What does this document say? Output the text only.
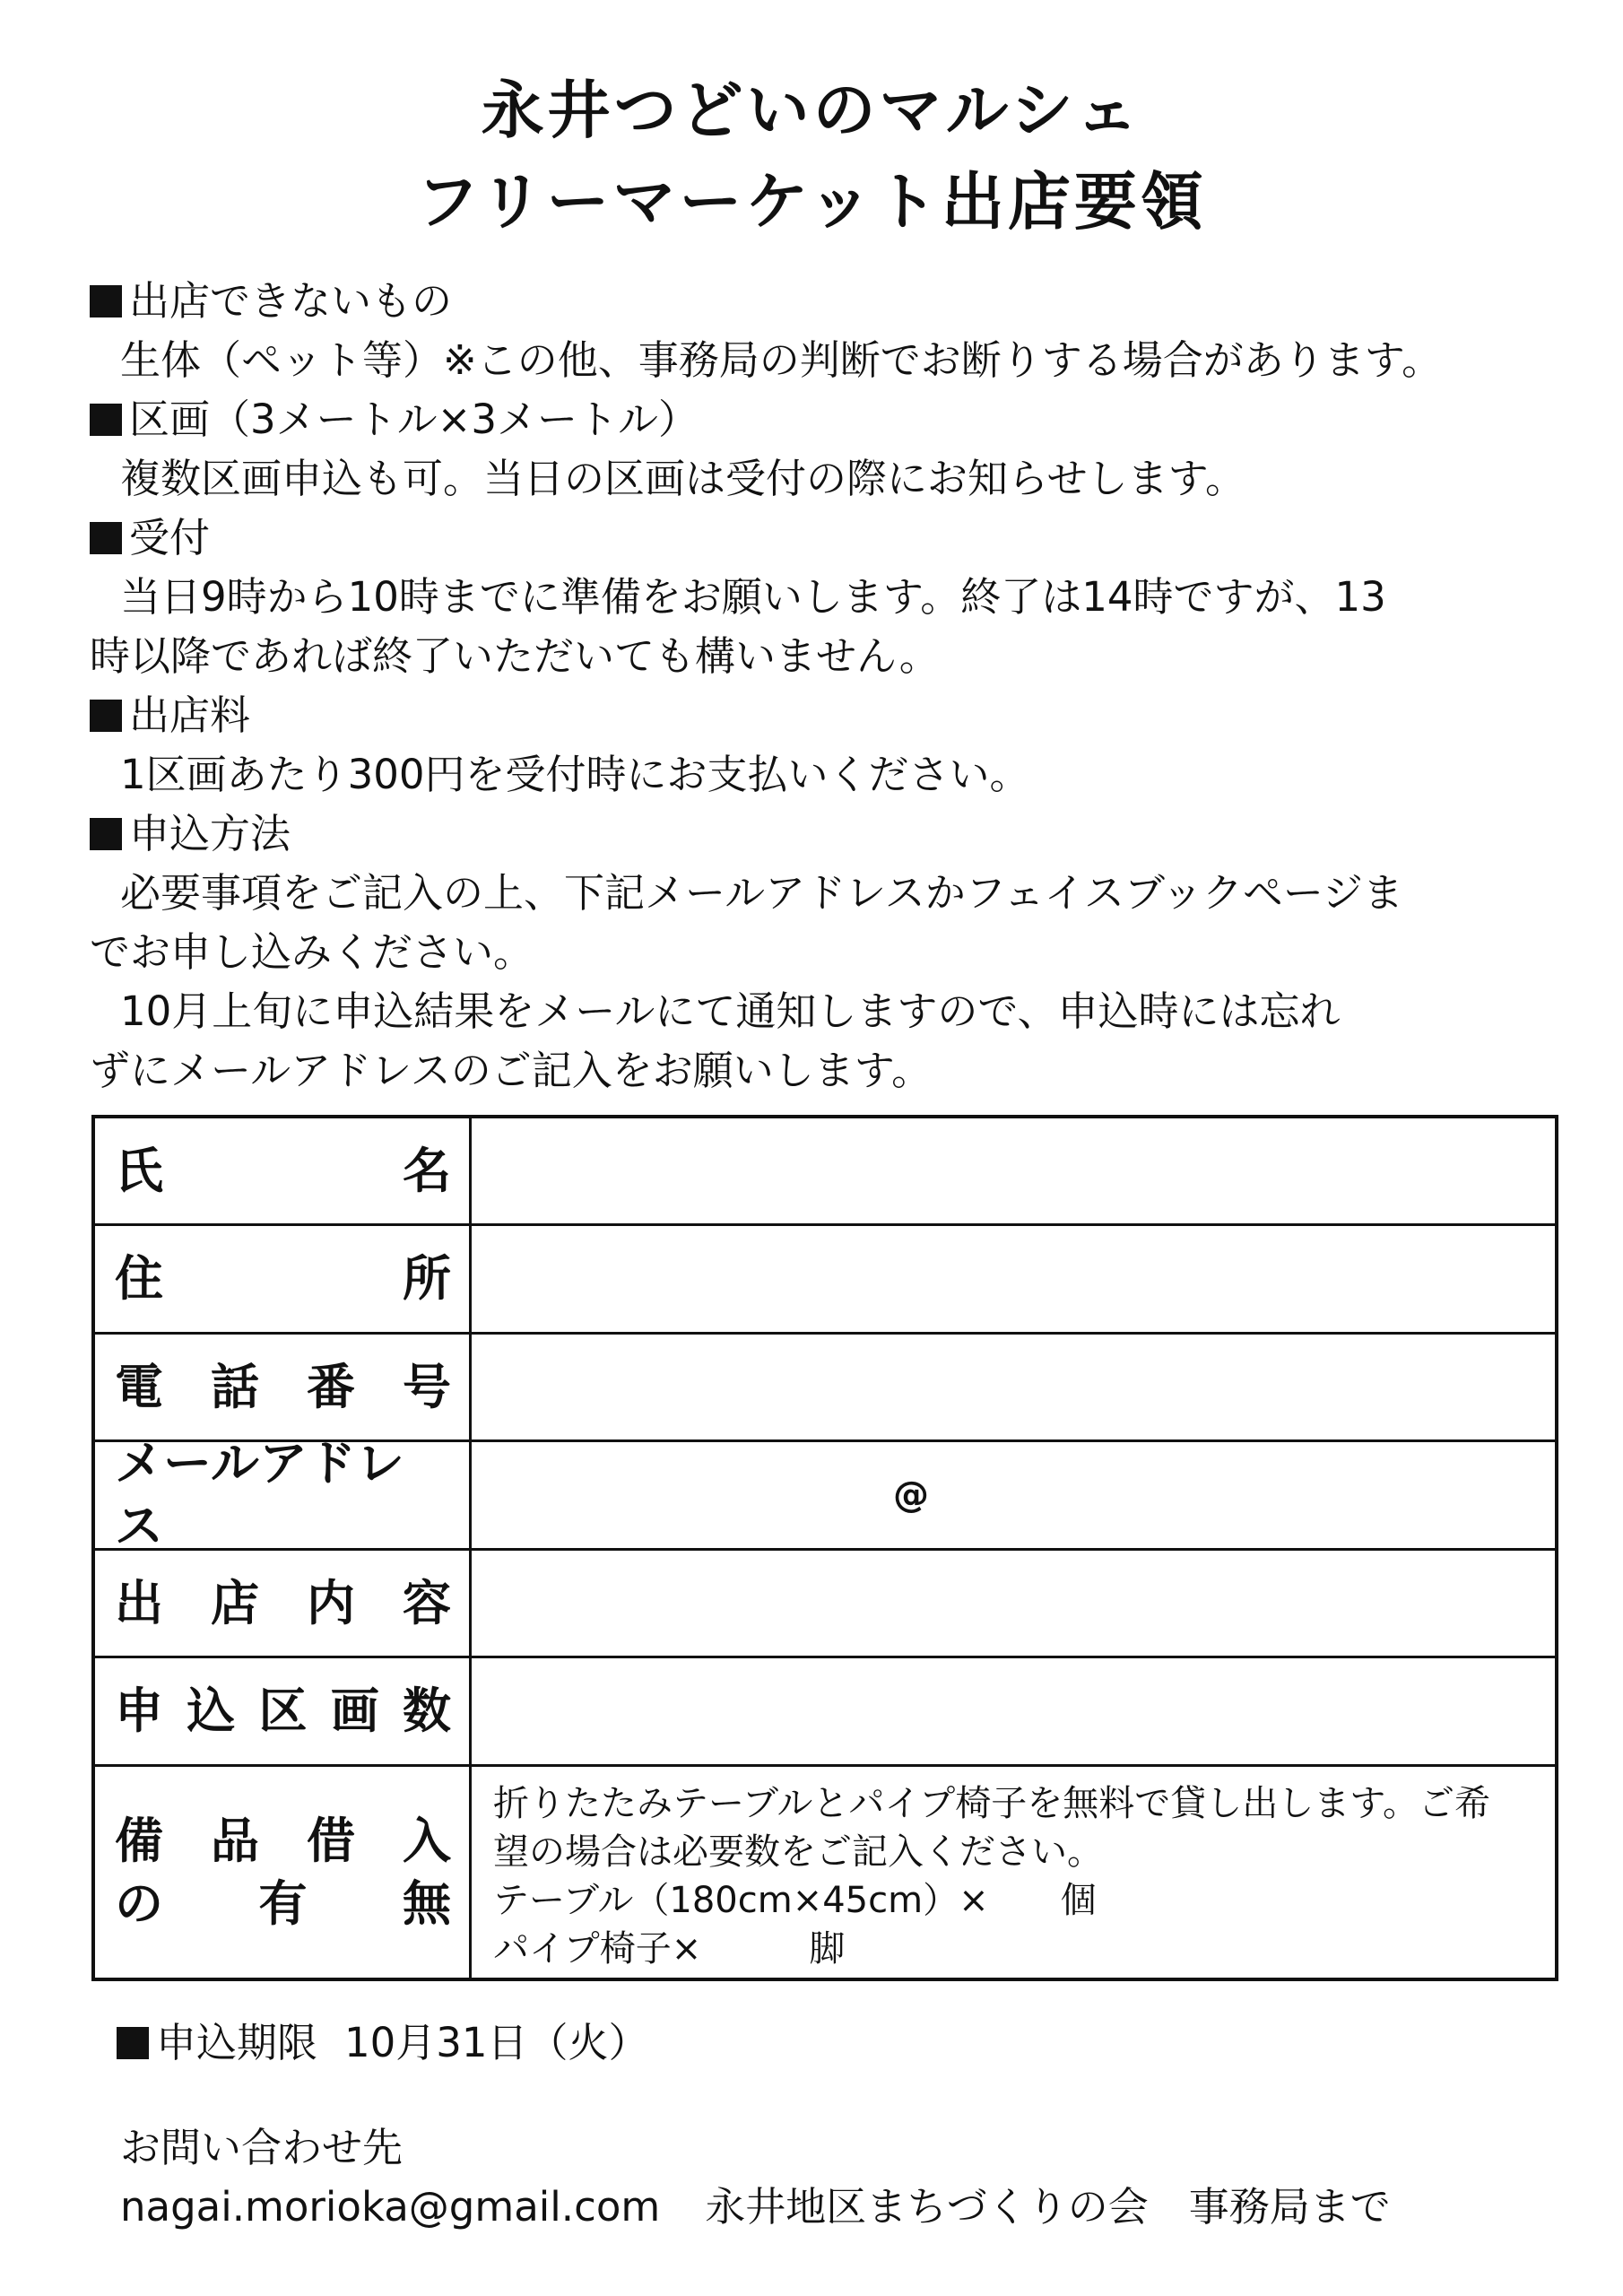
永井つどいのマルシェ
フリーマーケット出店要領
出店できないもの
生体（ペット等）※この他、事務局の判断でお断りする場合があります。
区画（3メートル×3メートル）
複数区画申込も可。当日の区画は受付の際にお知らせします。
受付
当日9時から10時までに準備をお願いします。終了は14時ですが、13
時以降であれば終了いただいても構いません。
出店料
1区画あたり300円を受付時にお支払いください。
申込方法
必要事項をご記入の上、下記メールアドレスかフェイスブックページま
でお申し込みください。
10月上旬に申込結果をメールにて通知しますので、申込時には忘れ
ずにメールアドレスのご記入をお願いします。
氏	名
住	所
電 話 番 号
メールアドレス
@
出 店 内 容
申 込 区 画 数
備 品 借 入
の 有 無
折りたたみテーブルとパイプ椅子を無料で貸し出します。ご希
望の場合は必要数をご記入ください。
テーブル（180cm×45cm）×　　個
パイプ椅子×　　　脚
申込期限 10月31日（火）
お問い合わせ先
nagai.morioka@gmail.com 永井地区まちづくりの会　事務局まで
